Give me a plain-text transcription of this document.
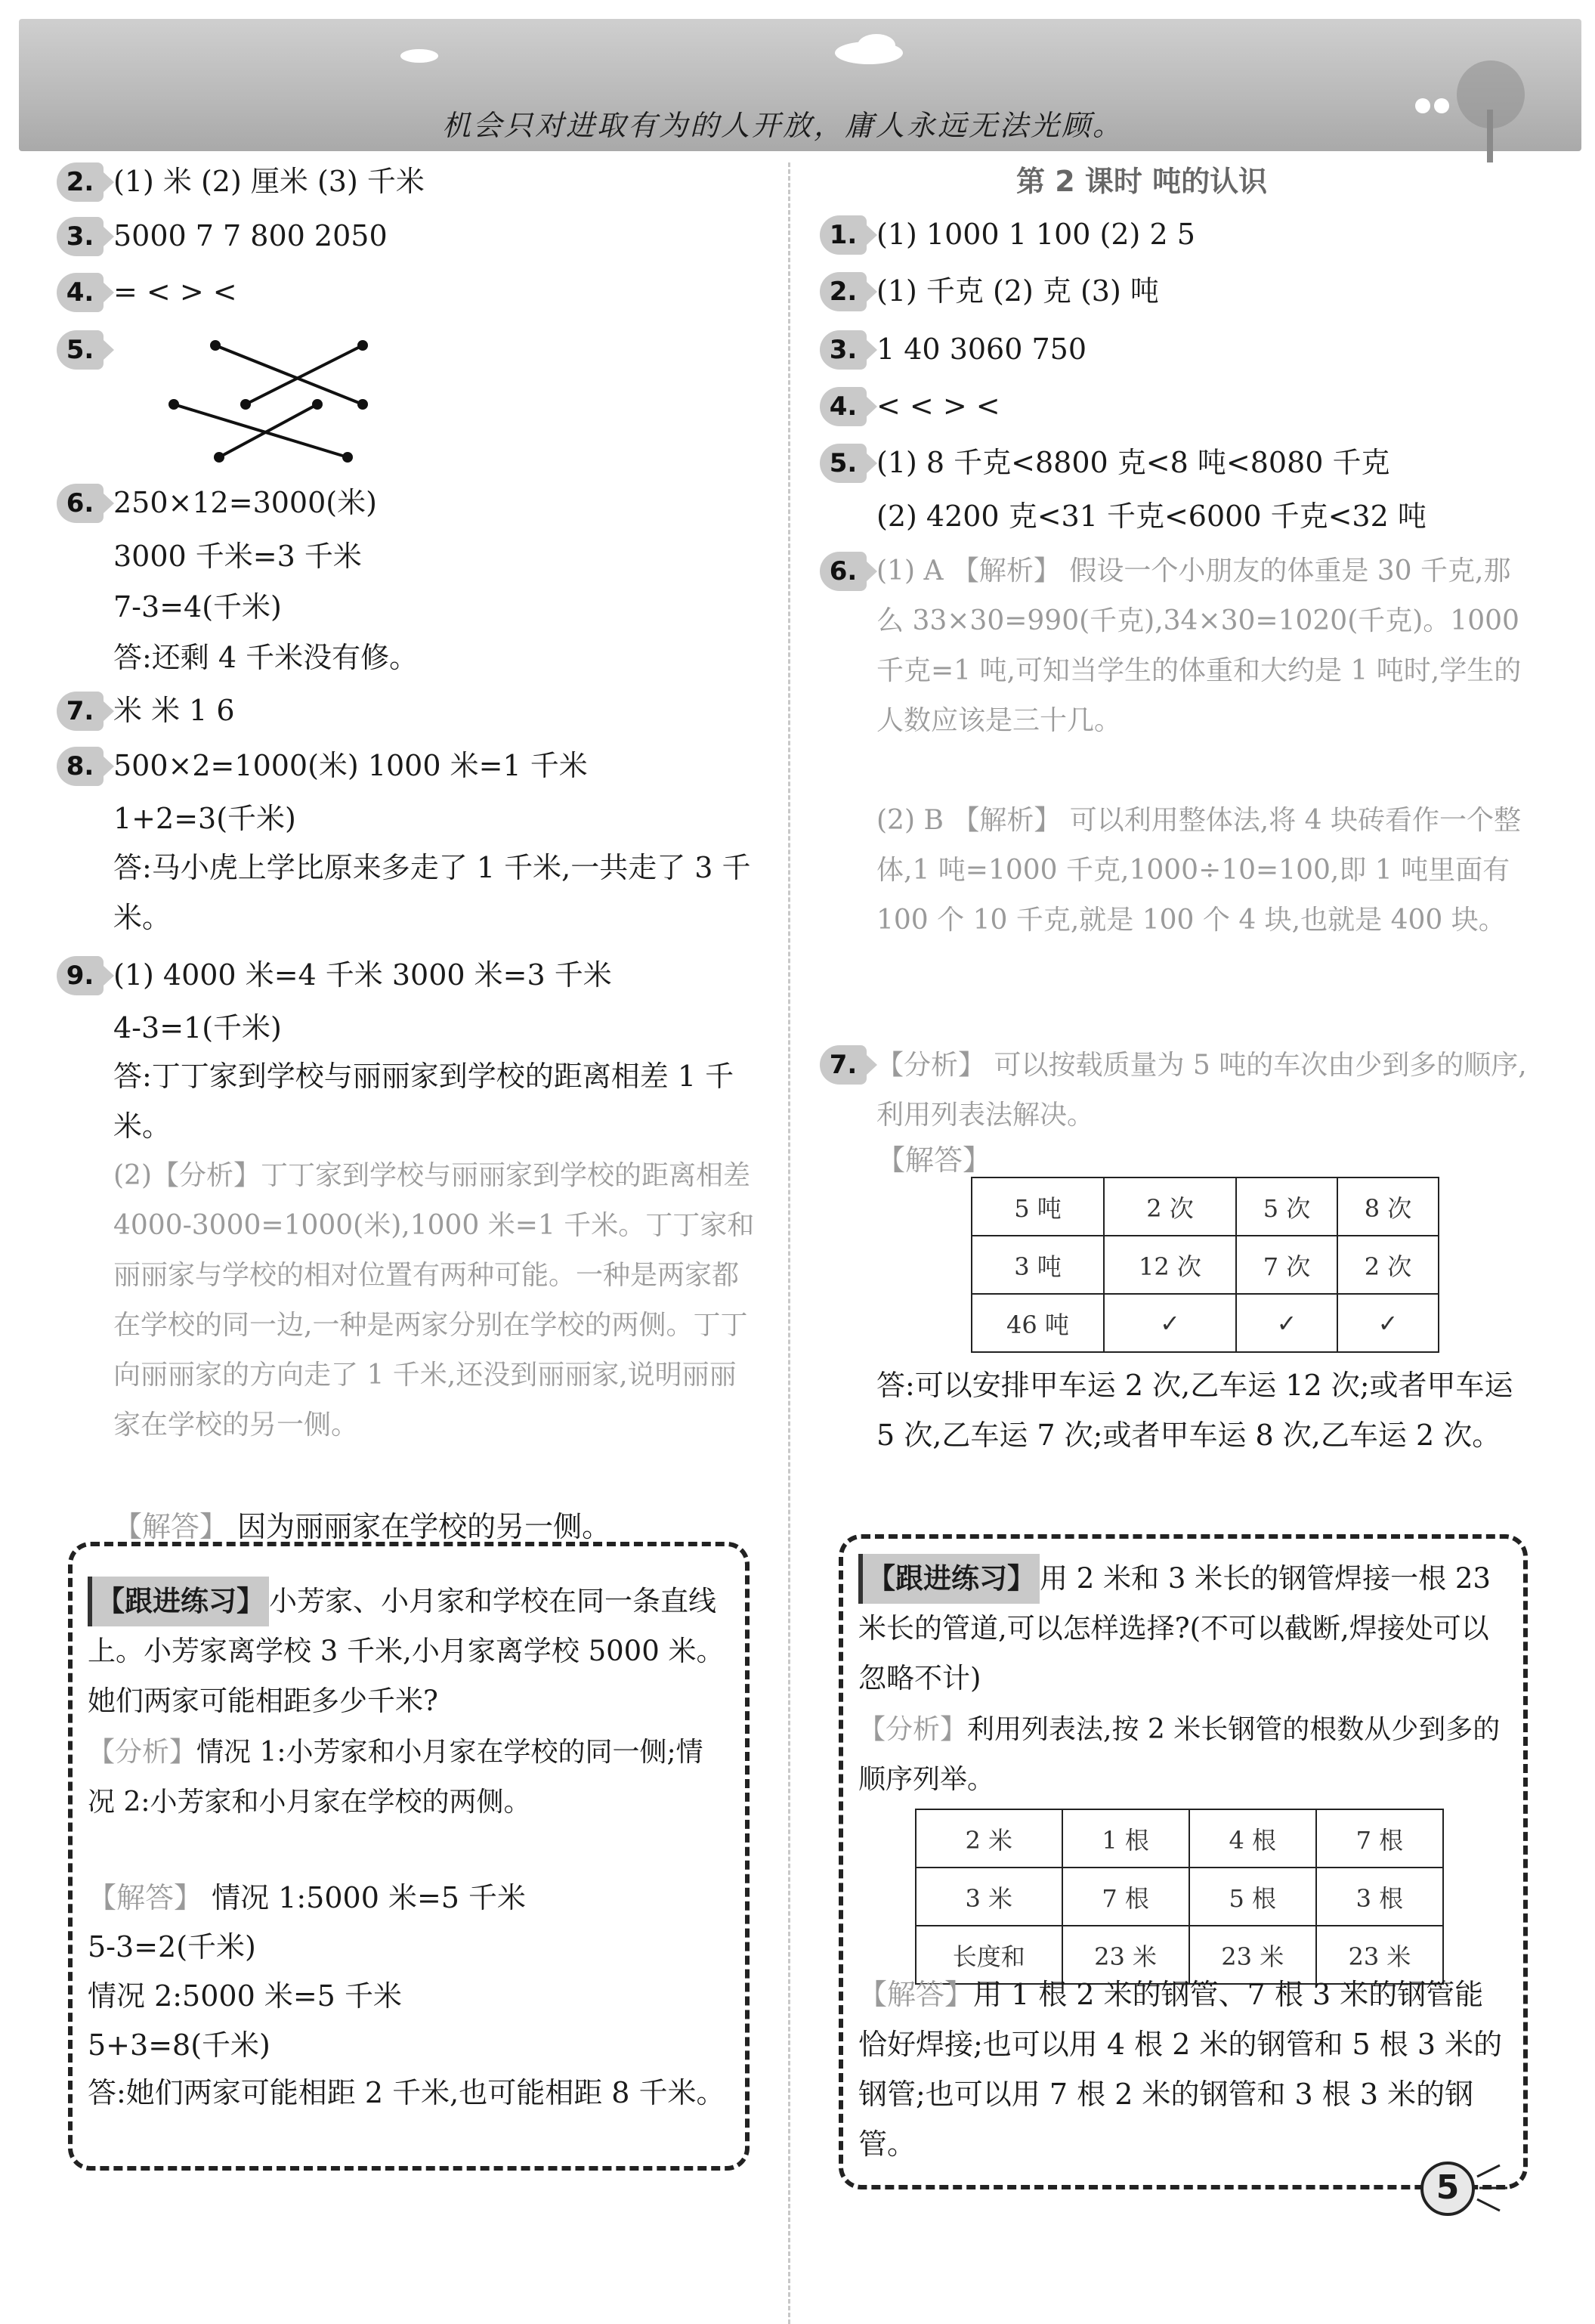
机会只对进取有为的人开放，庸人永远无法光顾。
2. (1) 米 (2) 厘米 (3) 千米
3. 5000 7 7 800 2050
4. = < > <
5.
6. 250×12=3000(米)
3000 千米=3 千米
7-3=4(千米)
答:还剩 4 千米没有修。
7. 米 米 1 6
8. 500×2=1000(米) 1000 米=1 千米
1+2=3(千米)
答:马小虎上学比原来多走了 1 千米,一共走了 3 千米。
9. (1) 4000 米=4 千米 3000 米=3 千米
4-3=1(千米)
答:丁丁家到学校与丽丽家到学校的距离相差 1 千米。
(2)【分析】丁丁家到学校与丽丽家到学校的距离相差 4000-3000=1000(米),1000 米=1 千米。丁丁家和丽丽家与学校的相对位置有两种可能。一种是两家都在学校的同一边,一种是两家分别在学校的两侧。丁丁向丽丽家的方向走了 1 千米,还没到丽丽家,说明丽丽家在学校的另一侧。
【解答】 因为丽丽家在学校的另一侧。
【跟进练习】 小芳家、小月家和学校在同一条直线上。小芳家离学校 3 千米,小月家离学校 5000 米。她们两家可能相距多少千米?
【分析】情况 1:小芳家和小月家在学校的同一侧;情况 2:小芳家和小月家在学校的两侧。
【解答】 情况 1:5000 米=5 千米
5-3=2(千米)
情况 2:5000 米=5 千米
5+3=8(千米)
答:她们两家可能相距 2 千米,也可能相距 8 千米。
第 2 课时 吨的认识
1. (1) 1000 1 100 (2) 2 5
2. (1) 千克 (2) 克 (3) 吨
3. 1 40 3060 750
4. < < > <
5. (1) 8 千克<8800 克<8 吨<8080 千克
(2) 4200 克<31 千克<6000 千克<32 吨
6. (1) A 【解析】 假设一个小朋友的体重是 30 千克,那么 33×30=990(千克),34×30=1020(千克)。1000 千克=1 吨,可知当学生的体重和大约是 1 吨时,学生的人数应该是三十几。
(2) B 【解析】 可以利用整体法,将 4 块砖看作一个整体,1 吨=1000 千克,1000÷10=100,即 1 吨里面有 100 个 10 千克,就是 100 个 4 块,也就是 400 块。
7. 【分析】 可以按载质量为 5 吨的车次由少到多的顺序,利用列表法解决。
【解答】
5 吨	2 次	5 次	8 次
3 吨	12 次	7 次	2 次
46 吨	✓	✓	✓
答:可以安排甲车运 2 次,乙车运 12 次;或者甲车运 5 次,乙车运 7 次;或者甲车运 8 次,乙车运 2 次。
【跟进练习】 用 2 米和 3 米长的钢管焊接一根 23 米长的管道,可以怎样选择?(不可以截断,焊接处可以忽略不计)
【分析】利用列表法,按 2 米长钢管的根数从少到多的顺序列举。
2 米	1 根	4 根	7 根
3 米	7 根	5 根	3 根
长度和	23 米	23 米	23 米
【解答】用 1 根 2 米的钢管、7 根 3 米的钢管能恰好焊接;也可以用 4 根 2 米的钢管和 5 根 3 米的钢管;也可以用 7 根 2 米的钢管和 3 根 3 米的钢管。
5
